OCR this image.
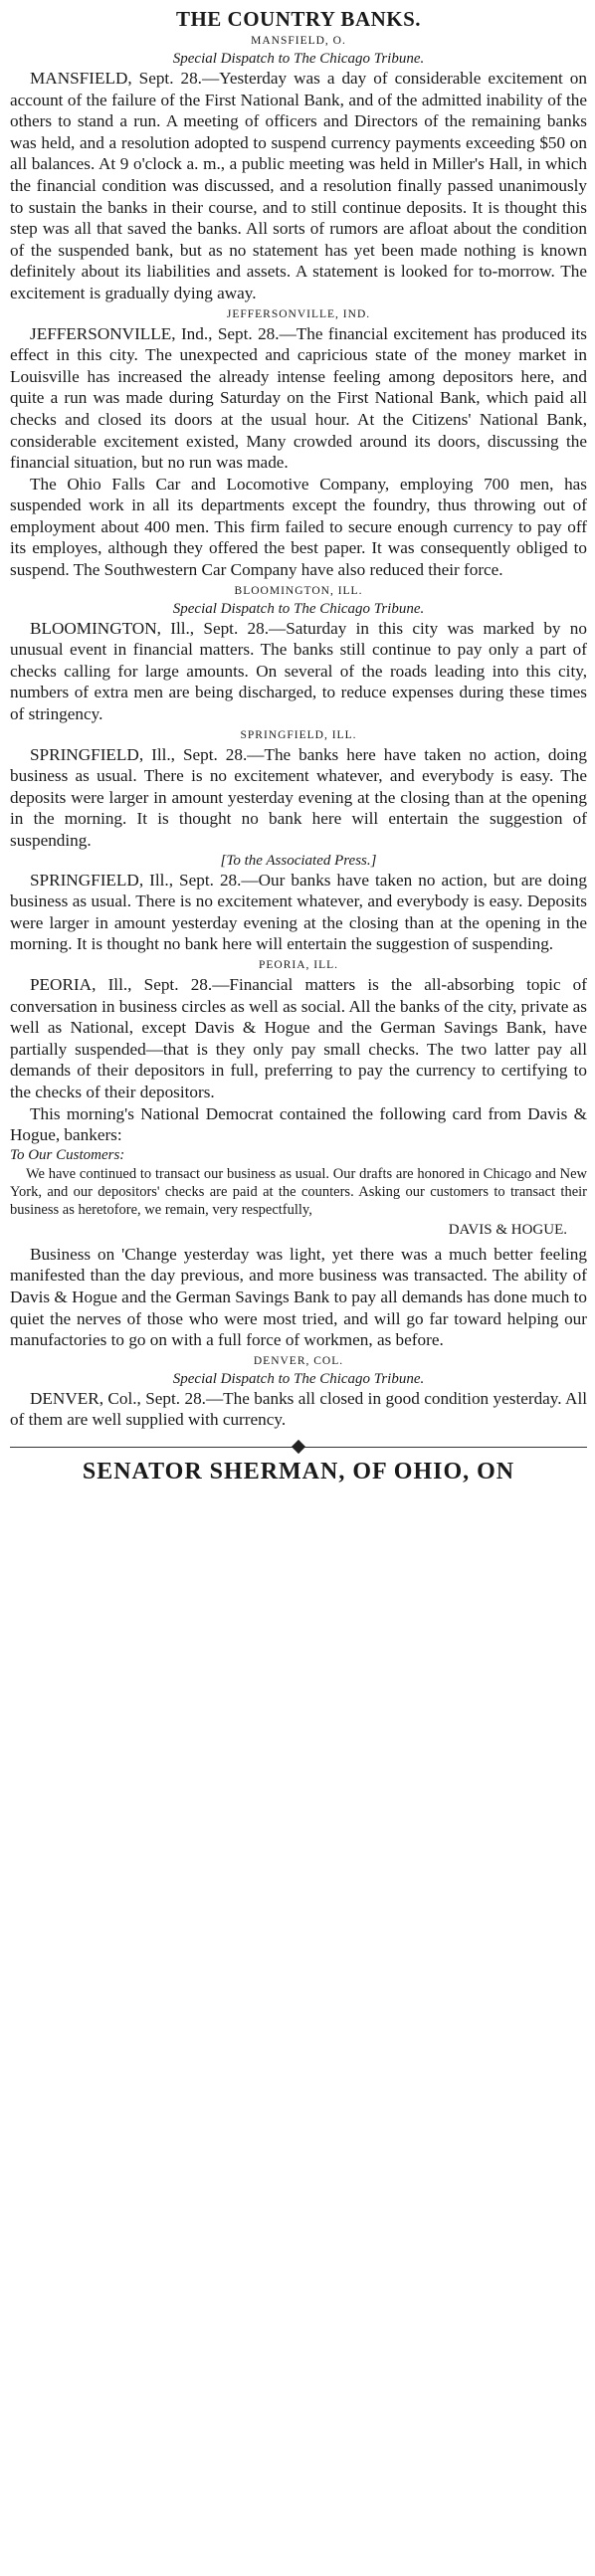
THE COUNTRY BANKS.
MANSFIELD, O.
Special Dispatch to The Chicago Tribune.

MANSFIELD, Sept. 28.—Yesterday was a day of considerable excitement on account of the failure of the First National Bank, and of the admitted inability of the others to stand a run. A meeting of officers and Directors of the remaining banks was held, and a resolution adopted to suspend currency payments exceeding $50 on all balances. At 9 o'clock a. m., a public meeting was held in Miller's Hall, in which the financial condition was discussed, and a resolution finally passed unanimously to sustain the banks in their course, and to still continue deposits. It is thought this step was all that saved the banks. All sorts of rumors are afloat about the condition of the suspended bank, but as no statement has yet been made nothing is known definitely about its liabilities and assets. A statement is looked for to-morrow. The excitement is gradually dying away.

JEFFERSONVILLE, IND.

JEFFERSONVILLE, Ind., Sept. 28.—The financial excitement has produced its effect in this city. The unexpected and capricious state of the money market in Louisville has increased the already intense feeling among depositors here, and quite a run was made during Saturday on the First National Bank, which paid all checks and closed its doors at the usual hour. At the Citizens' National Bank, considerable excitement existed, Many crowded around its doors, discussing the financial situation, but no run was made.

The Ohio Falls Car and Locomotive Company, employing 700 men, has suspended work in all its departments except the foundry, thus throwing out of employment about 400 men. This firm failed to secure enough currency to pay off its employes, although they offered the best paper. It was consequently obliged to suspend. The Southwestern Car Company have also reduced their force.

BLOOMINGTON, ILL.
Special Dispatch to The Chicago Tribune.

BLOOMINGTON, Ill., Sept. 28.—Saturday in this city was marked by no unusual event in financial matters. The banks still continue to pay only a part of checks calling for large amounts. On several of the roads leading into this city, numbers of extra men are being discharged, to reduce expenses during these times of stringency.

SPRINGFIELD, ILL.

SPRINGFIELD, Ill., Sept. 28.—The banks here have taken no action, doing business as usual. There is no excitement whatever, and everybody is easy. The deposits were larger in amount yesterday evening at the closing than at the opening in the morning. It is thought no bank here will entertain the suggestion of suspending.

[To the Associated Press.]

SPRINGFIELD, Ill., Sept. 28.—Our banks have taken no action, but are doing business as usual. There is no excitement whatever, and everybody is easy. Deposits were larger in amount yesterday evening at the closing than at the opening in the morning. It is thought no bank here will entertain the suggestion of suspending.

PEORIA, ILL.

PEORIA, Ill., Sept. 28.—Financial matters is the all-absorbing topic of conversation in business circles as well as social. All the banks of the city, private as well as National, except Davis & Hogue and the German Savings Bank, have partially suspended—that is they only pay small checks. The two latter pay all demands of their depositors in full, preferring to pay the currency to certifying to the checks of their depositors.

This morning's National Democrat contained the following card from Davis & Hogue, bankers:

To Our Customers:
We have continued to transact our business as usual. Our drafts are honored in Chicago and New York, and our depositors' checks are paid at the counters. Asking our customers to transact their business as heretofore, we remain, very respectfully,
DAVIS & HOGUE.

Business on 'Change yesterday was light, yet there was a much better feeling manifested than the day previous, and more business was transacted. The ability of Davis & Hogue and the German Savings Bank to pay all demands has done much to quiet the nerves of those who were most tried, and will go far toward helping our manufactories to go on with a full force of workmen, as before.

DENVER, COL.
Special Dispatch to The Chicago Tribune.

DENVER, Col., Sept. 28.—The banks all closed in good condition yesterday. All of them are well supplied with currency.

SENATOR SHERMAN, OF OHIO, ON
